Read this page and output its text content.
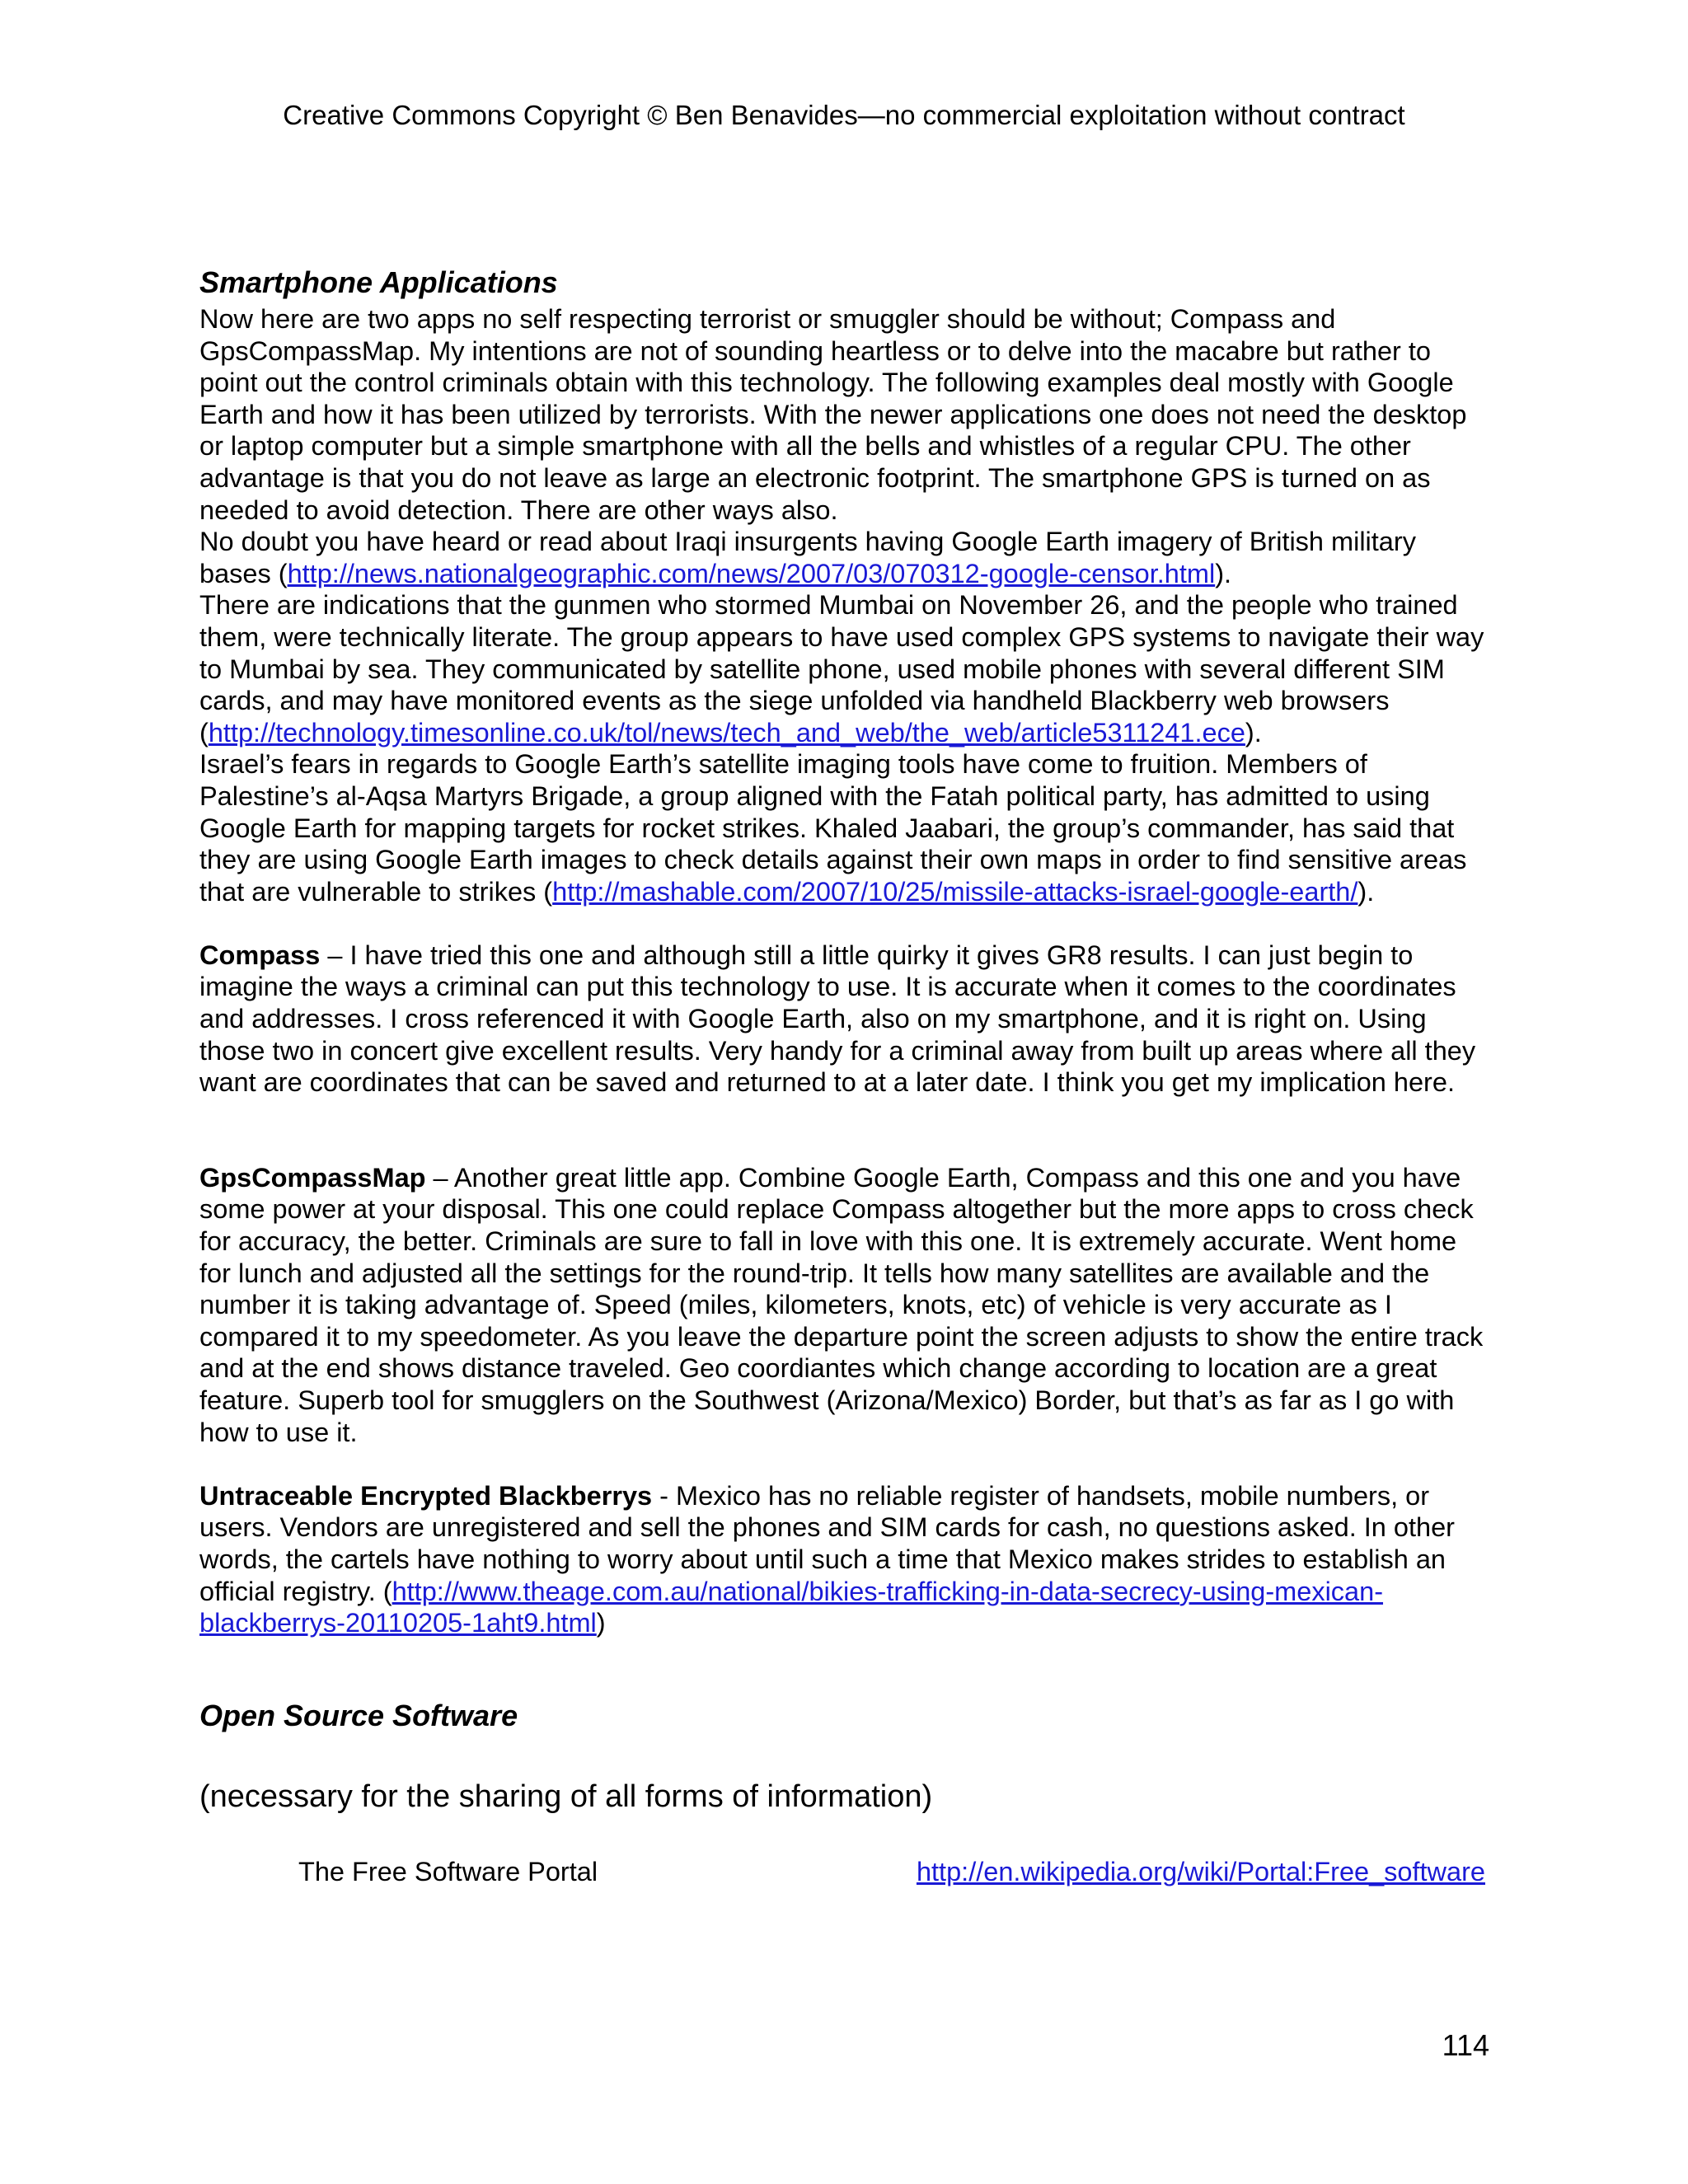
Creative Commons Copyright © Ben Benavides—no commercial exploitation without contract

Smartphone Applications

Now here are two apps no self respecting terrorist or smuggler should be without; Compass and GpsCompassMap. My intentions are not of sounding heartless or to delve into the macabre but rather to point out the control criminals obtain with this technology. The following examples deal mostly with Google Earth and how it has been utilized by terrorists. With the newer applications one does not need the desktop or laptop computer but a simple smartphone with all the bells and whistles of a regular CPU. The other advantage is that you do not leave as large an electronic footprint. The smartphone GPS is turned on as needed to avoid detection. There are other ways also.

No doubt you have heard or read about Iraqi insurgents having Google Earth imagery of British military bases (http://news.nationalgeographic.com/news/2007/03/070312-google-censor.html).

There are indications that the gunmen who stormed Mumbai on November 26, and the people who trained them, were technically literate. The group appears to have used complex GPS systems to navigate their way to Mumbai by sea. They communicated by satellite phone, used mobile phones with several different SIM cards, and may have monitored events as the siege unfolded via handheld Blackberry web browsers
(http://technology.timesonline.co.uk/tol/news/tech_and_web/the_web/article5311241.ece).

Israel’s fears in regards to Google Earth’s satellite imaging tools have come to fruition. Members of Palestine’s al-Aqsa Martyrs Brigade, a group aligned with the Fatah political party, has admitted to using Google Earth for mapping targets for rocket strikes. Khaled Jaabari, the group’s commander, has said that they are using Google Earth images to check details against their own maps in order to find sensitive areas that are vulnerable to strikes (http://mashable.com/2007/10/25/missile-attacks-israel-google-earth/).

Compass – I have tried this one and although still a little quirky it gives GR8 results. I can just begin to imagine the ways a criminal can put this technology to use. It is accurate when it comes to the coordinates and addresses. I cross referenced it with Google Earth, also on my smartphone, and it is right on. Using those two in concert give excellent results. Very handy for a criminal away from built up areas where all they want are coordinates that can be saved and returned to at a later date. I think you get my implication here.

GpsCompassMap – Another great little app. Combine Google Earth, Compass and this one and you have some power at your disposal. This one could replace Compass altogether but the more apps to cross check for accuracy, the better. Criminals are sure to fall in love with this one. It is extremely accurate. Went home for lunch and adjusted all the settings for the round-trip. It tells how many satellites are available and the number it is taking advantage of. Speed (miles, kilometers, knots, etc) of vehicle is very accurate as I compared it to my speedometer. As you leave the departure point the screen adjusts to show the entire track and at the end shows distance traveled. Geo coordiantes which change according to location are a great feature. Superb tool for smugglers on the Southwest (Arizona/Mexico) Border, but that’s as far as I go with how to use it.

Untraceable Encrypted Blackberrys - Mexico has no reliable register of handsets, mobile numbers, or users. Vendors are unregistered and sell the phones and SIM cards for cash, no questions asked. In other words, the cartels have nothing to worry about until such a time that Mexico makes strides to establish an official registry. (http://www.theage.com.au/national/bikies-trafficking-in-data-secrecy-using-mexican-blackberrys-20110205-1aht9.html)

Open Source Software

(necessary for the sharing of all forms of information)

The Free Software Portal	http://en.wikipedia.org/wiki/Portal:Free_software
114
